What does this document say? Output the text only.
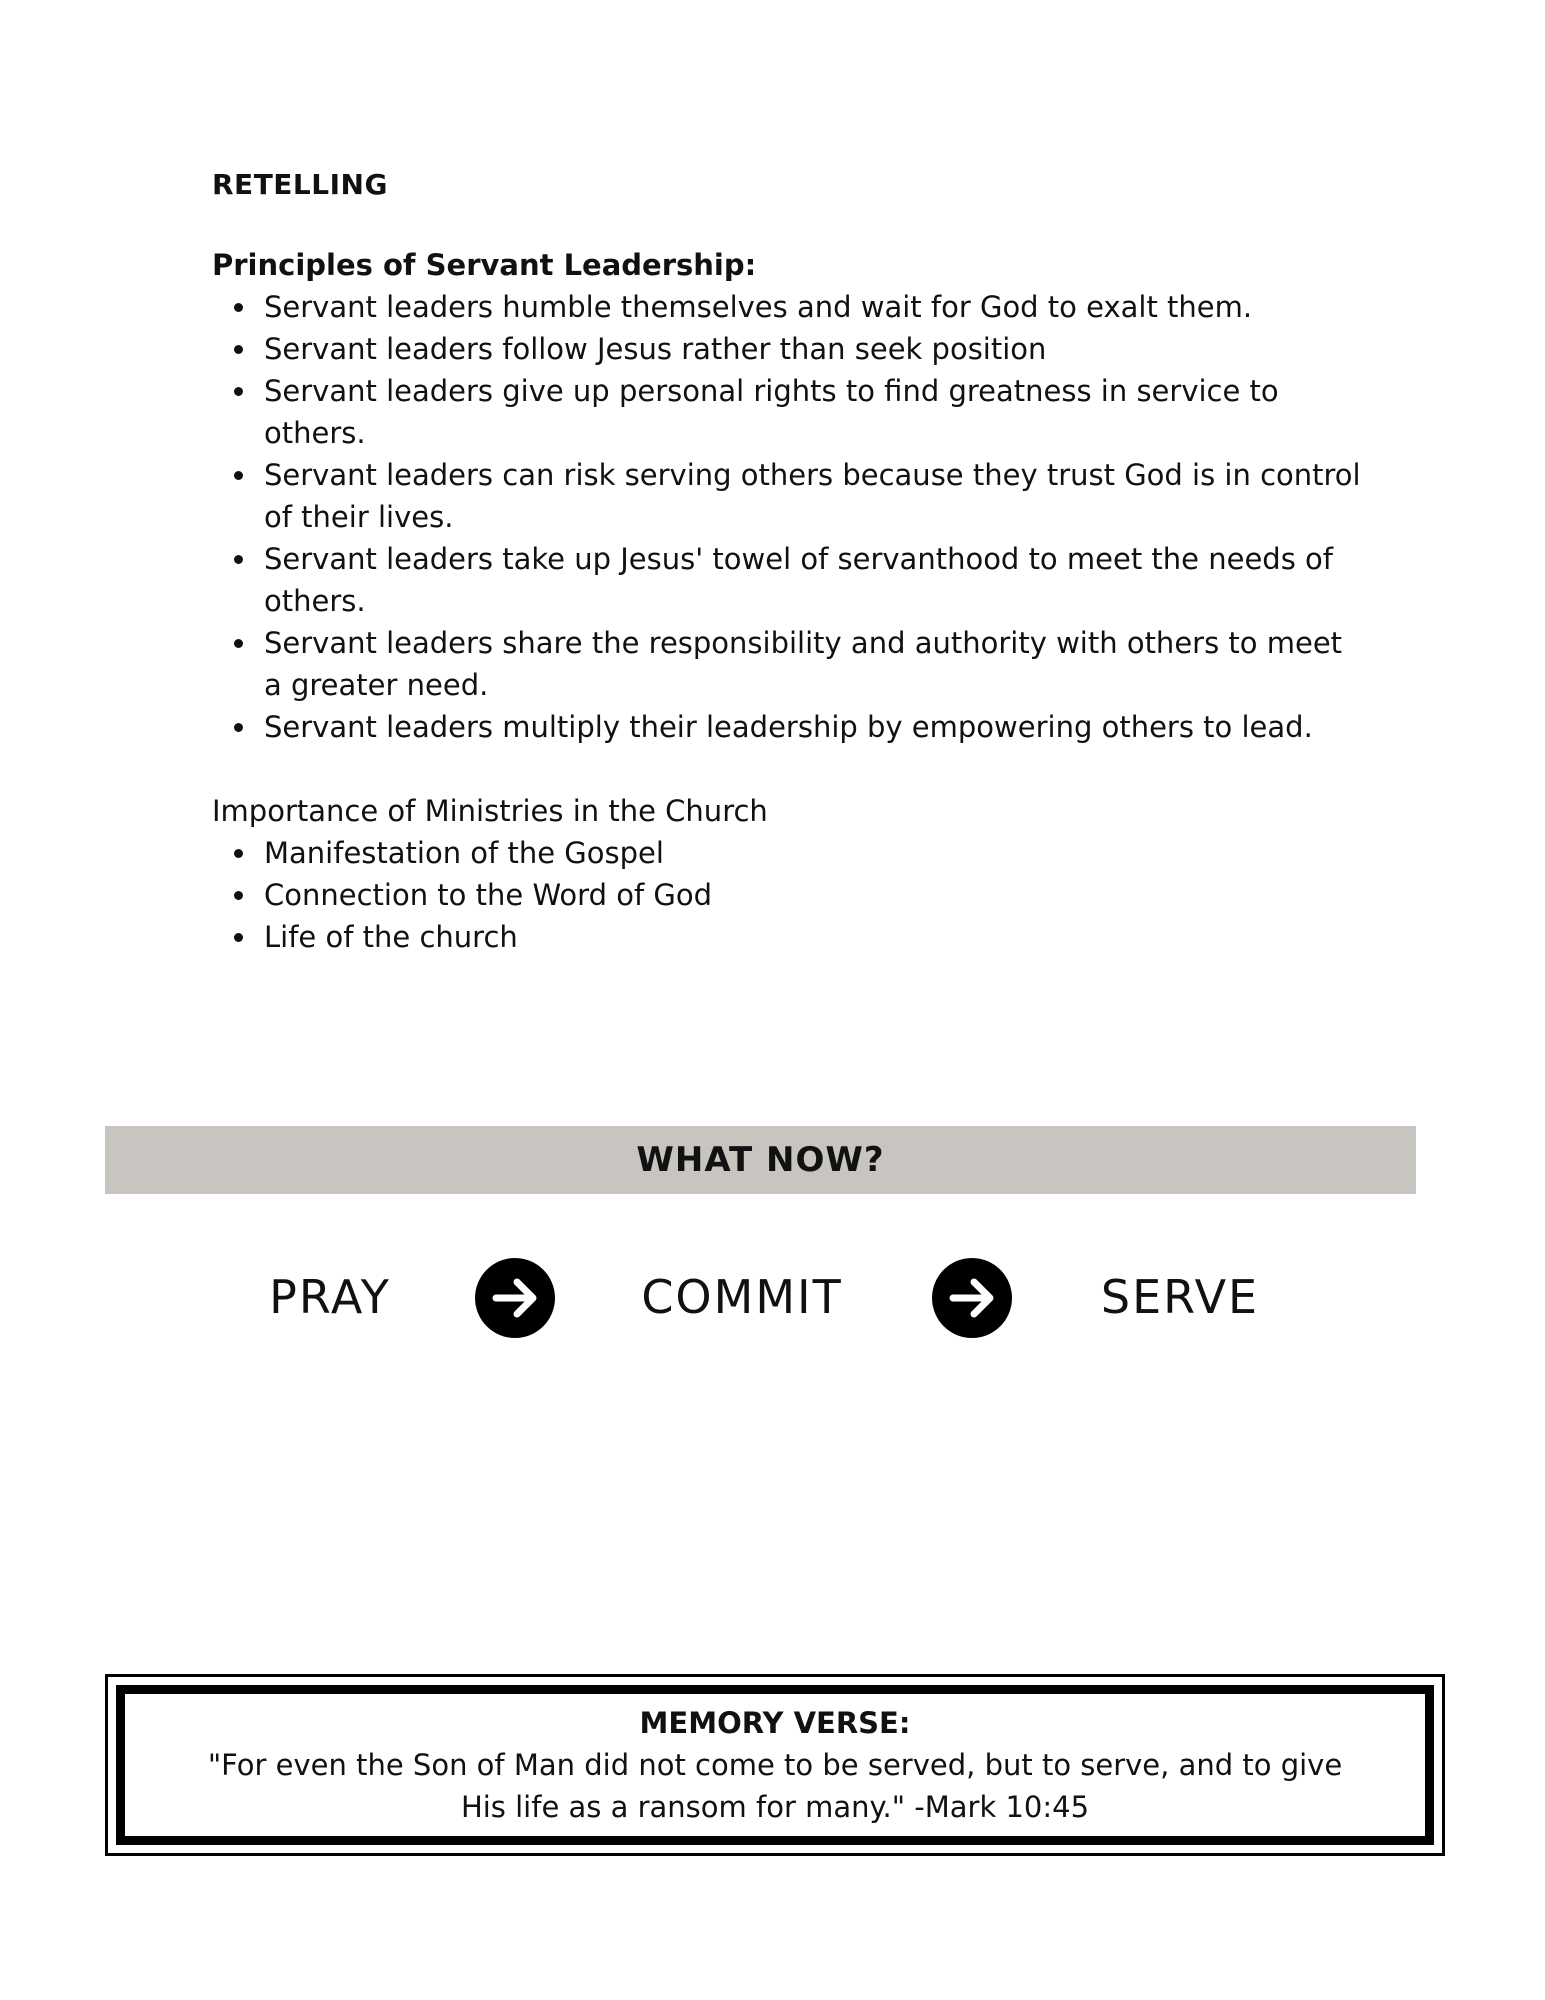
RETELLING

Principles of Servant Leadership:

Servant leaders humble themselves and wait for God to exalt them.
Servant leaders follow Jesus rather than seek position
Servant leaders give up personal rights to find greatness in service to others.
Servant leaders can risk serving others because they trust God is in control of their lives.
Servant leaders take up Jesus' towel of servanthood to meet the needs of others.
Servant leaders share the responsibility and authority with others to meet a greater need.
Servant leaders multiply their leadership by empowering others to lead.

Importance of Ministries in the Church

Manifestation of the Gospel
Connection to the Word of God
Life of the church
WHAT NOW?
PRAY	COMMIT	SERVE
MEMORY VERSE:
"For even the Son of Man did not come to be served, but to serve, and to give His life as a ransom for many." -Mark 10:45
